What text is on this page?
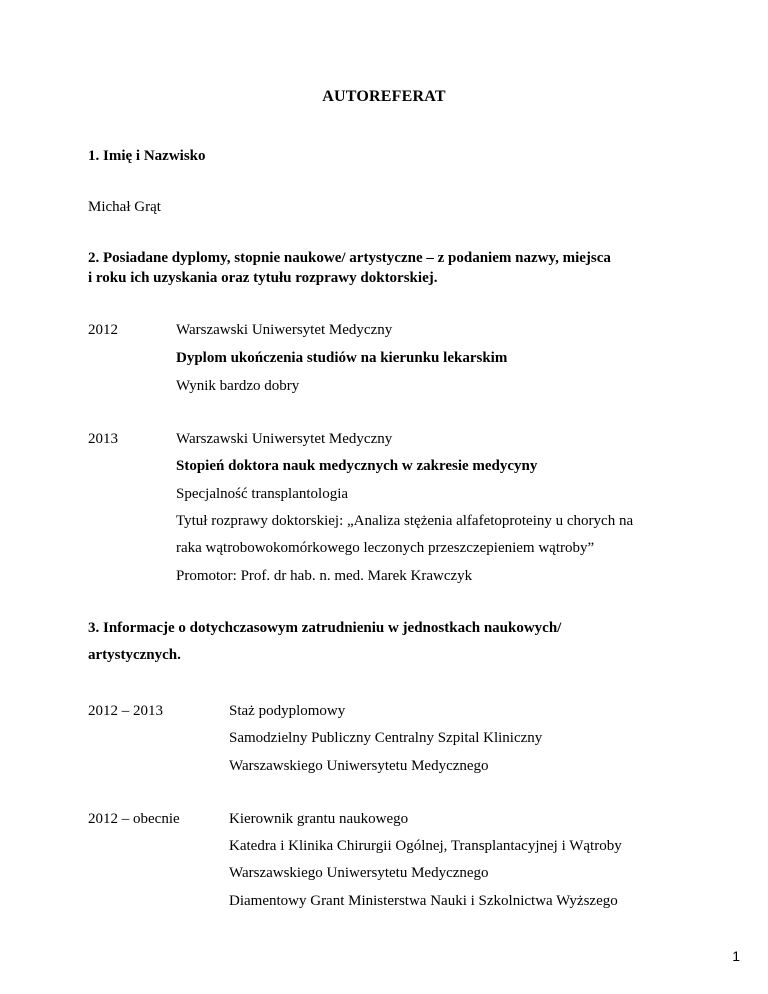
AUTOREFERAT
1. Imię i Nazwisko
Michał Grąt
2. Posiadane dyplomy, stopnie naukowe/ artystyczne – z podaniem nazwy, miejsca
i roku ich uzyskania oraz tytułu rozprawy doktorskiej.
2012	Warszawski Uniwersytet Medyczny
Dyplom ukończenia studiów na kierunku lekarskim
Wynik bardzo dobry
2013	Warszawski Uniwersytet Medyczny
Stopień doktora nauk medycznych w zakresie medycyny
Specjalność transplantologia
Tytuł rozprawy doktorskiej: „Analiza stężenia alfafetoproteiny u chorych na
raka wątrobowokomórkowego leczonych przeszczepieniem wątroby”
Promotor: Prof. dr hab. n. med. Marek Krawczyk
3. Informacje o dotychczasowym zatrudnieniu w jednostkach naukowych/
artystycznych.
2012 – 2013	Staż podyplomowy
Samodzielny Publiczny Centralny Szpital Kliniczny
Warszawskiego Uniwersytetu Medycznego
2012 – obecnie	Kierownik grantu naukowego
Katedra i Klinika Chirurgii Ogólnej, Transplantacyjnej i Wątroby
Warszawskiego Uniwersytetu Medycznego
Diamentowy Grant Ministerstwa Nauki i Szkolnictwa Wyższego
1
